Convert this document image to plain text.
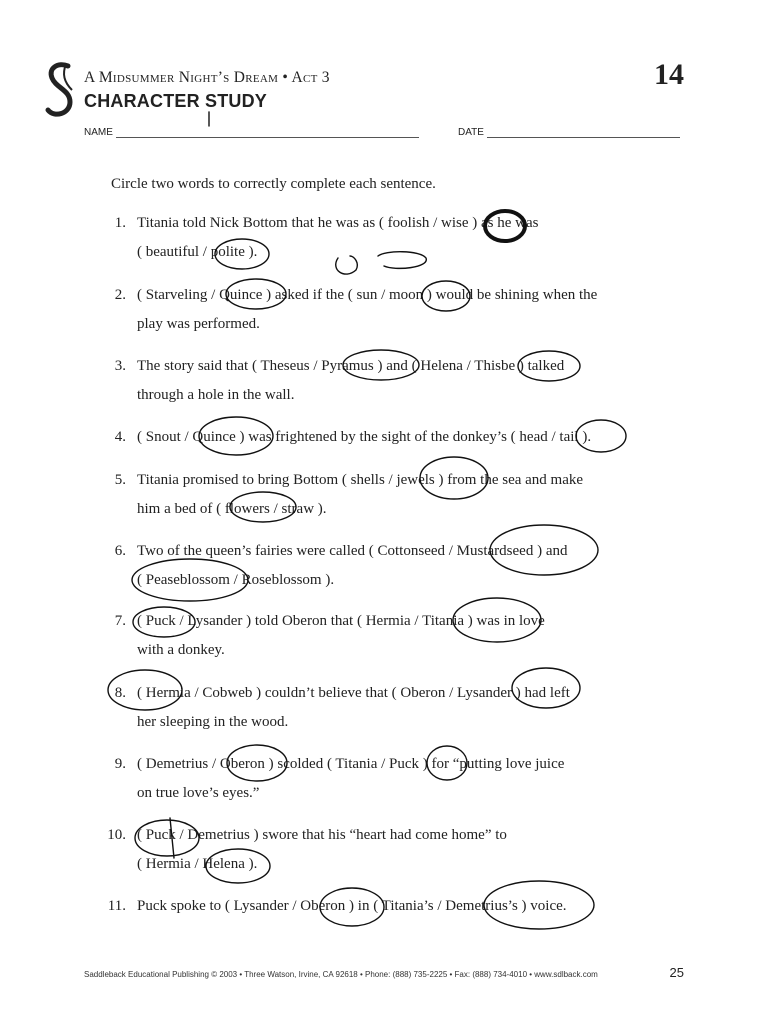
A Midsummer Night’s Dream • Act 3
CHARACTER STUDY
14
NAME	DATE
Circle two words to correctly complete each sentence.
1. Titania told Nick Bottom that he was as ( foolish / wise ) as he was
( beautiful / polite ).
2. ( Starveling / Quince ) asked if the ( sun / moon ) would be shining when the
play was performed.
3. The story said that ( Theseus / Pyramus ) and ( Helena / Thisbe ) talked
through a hole in the wall.
4. ( Snout / Quince ) was frightened by the sight of the donkey’s ( head / tail ).
5. Titania promised to bring Bottom ( shells / jewels ) from the sea and make
him a bed of ( flowers / straw ).
6. Two of the queen’s fairies were called ( Cottonseed / Mustardseed ) and
( Peaseblossom / Roseblossom ).
7. ( Puck / Lysander ) told Oberon that ( Hermia / Titania ) was in love
with a donkey.
8. ( Hermia / Cobweb ) couldn’t believe that ( Oberon / Lysander ) had left
her sleeping in the wood.
9. ( Demetrius / Oberon ) scolded ( Titania / Puck ) for “putting love juice
on true love’s eyes.”
10. ( Puck / Demetrius ) swore that his “heart had come home” to
( Hermia / Helena ).
11. Puck spoke to ( Lysander / Oberon ) in ( Titania’s / Demetrius’s ) voice.
Saddleback Educational Publishing © 2003 • Three Watson, Irvine, CA 92618 • Phone: (888) 735-2225 • Fax: (888) 734-4010 • www.sdlback.com	25
